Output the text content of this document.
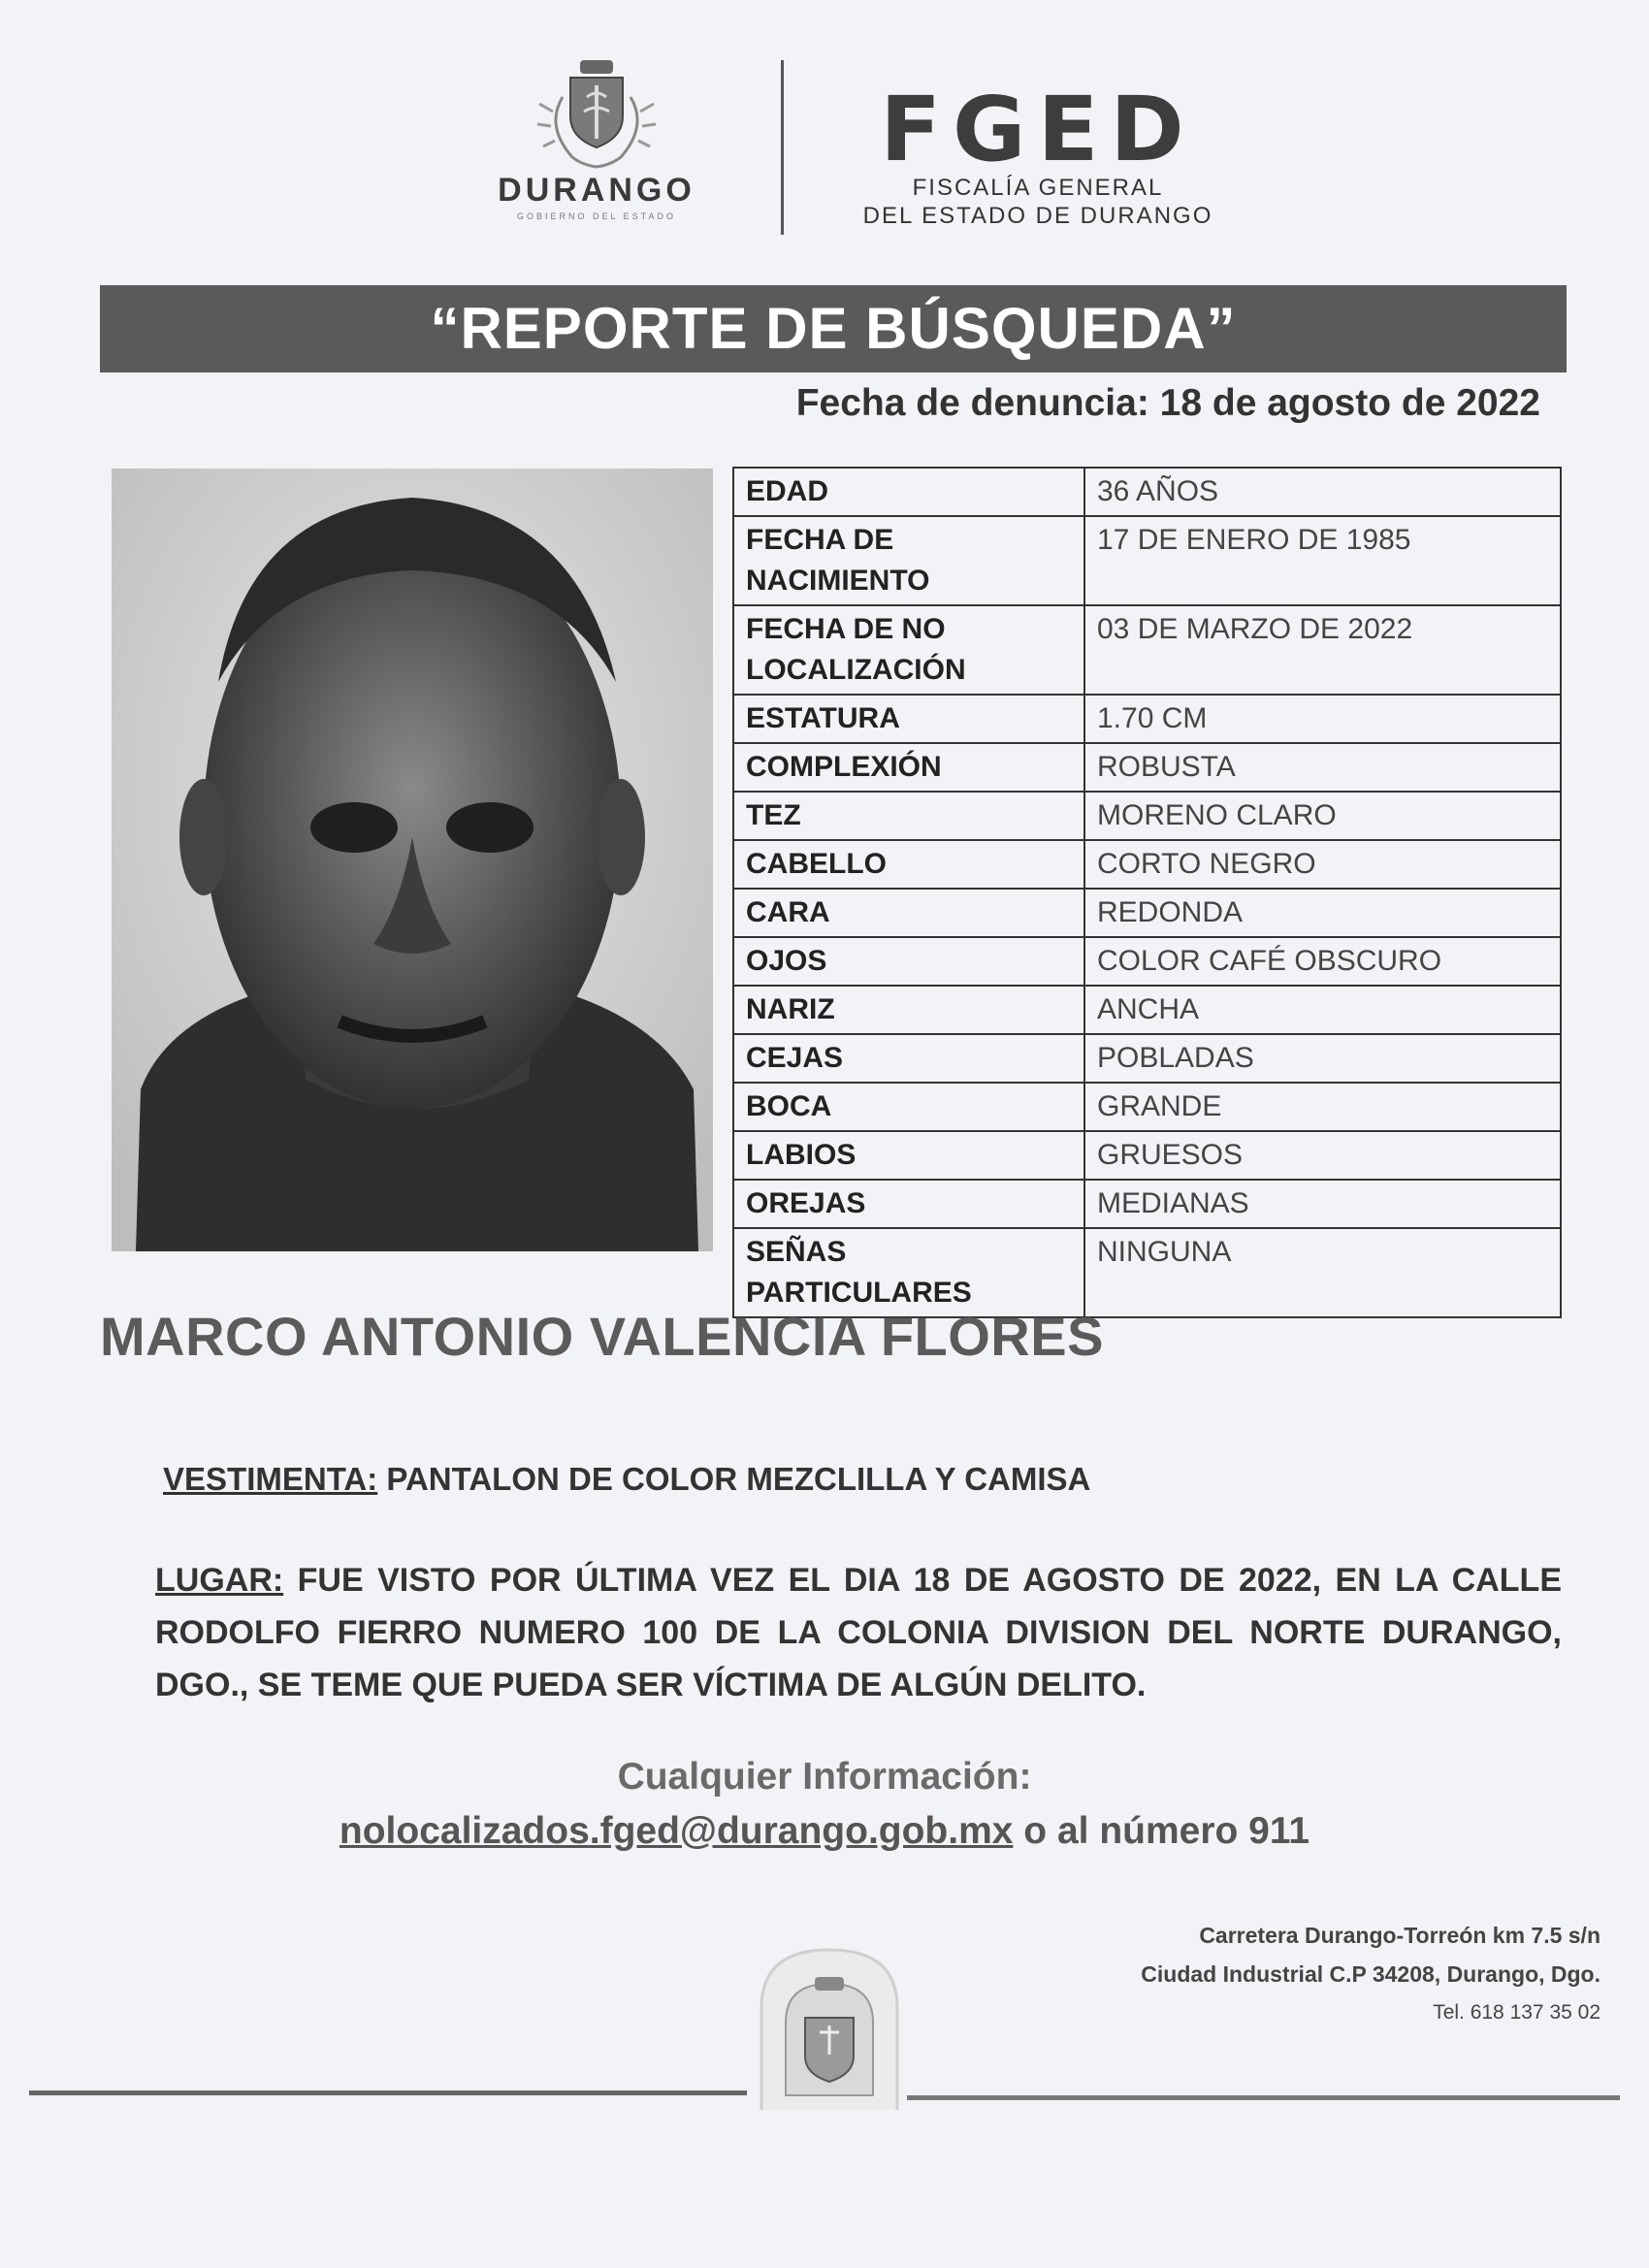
DURANGO
GOBIERNO DEL ESTADO
FGED
FISCALÍA GENERAL
DEL ESTADO DE DURANGO
“REPORTE DE BÚSQUEDA”
Fecha de denuncia: 18 de agosto de 2022
EDAD	36 AÑOS
FECHA DE NACIMIENTO	17 DE ENERO DE 1985
FECHA DE NO LOCALIZACIÓN	03 DE MARZO DE 2022
ESTATURA	1.70 CM
COMPLEXIÓN	ROBUSTA
TEZ	MORENO CLARO
CABELLO	CORTO NEGRO
CARA	REDONDA
OJOS	COLOR CAFÉ OBSCURO
NARIZ	ANCHA
CEJAS	POBLADAS
BOCA	GRANDE
LABIOS	GRUESOS
OREJAS	MEDIANAS
SEÑAS PARTICULARES	NINGUNA
MARCO ANTONIO VALENCIA FLORES
VESTIMENTA: PANTALON DE COLOR MEZCLILLA Y CAMISA
LUGAR: FUE VISTO POR ÚLTIMA VEZ EL DIA 18 DE AGOSTO DE 2022, EN LA CALLE RODOLFO FIERRO NUMERO 100 DE LA COLONIA DIVISION DEL NORTE DURANGO, DGO., SE TEME QUE PUEDA SER VÍCTIMA DE ALGÚN DELITO.
Cualquier Información:
nolocalizados.fged@durango.gob.mx o al número 911
Carretera Durango-Torreón km 7.5 s/n
Ciudad Industrial C.P 34208, Durango, Dgo.
Tel. 618 137 35 02
